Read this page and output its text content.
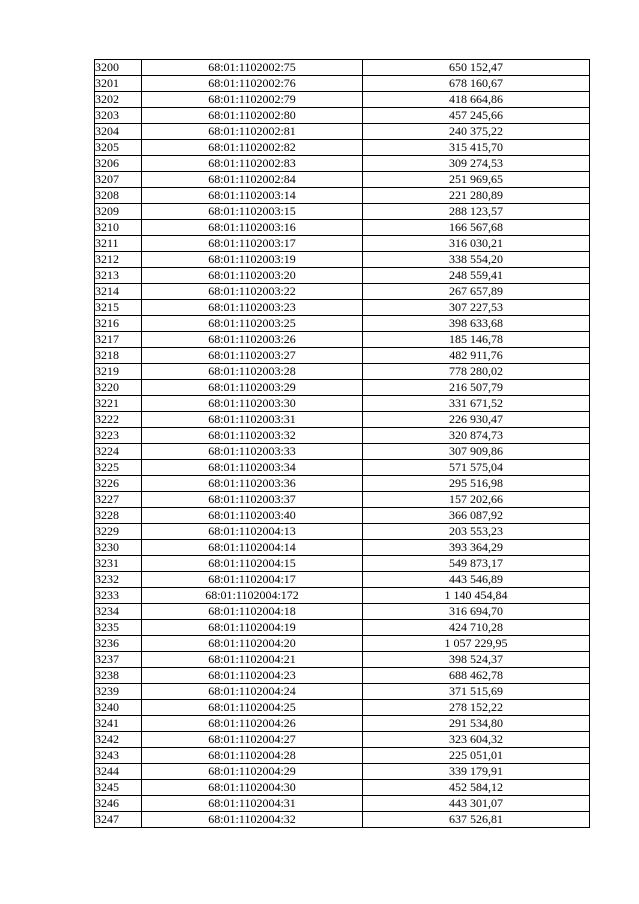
3200	68:01:1102002:75	650 152,47
3201	68:01:1102002:76	678 160,67
3202	68:01:1102002:79	418 664,86
3203	68:01:1102002:80	457 245,66
3204	68:01:1102002:81	240 375,22
3205	68:01:1102002:82	315 415,70
3206	68:01:1102002:83	309 274,53
3207	68:01:1102002:84	251 969,65
3208	68:01:1102003:14	221 280,89
3209	68:01:1102003:15	288 123,57
3210	68:01:1102003:16	166 567,68
3211	68:01:1102003:17	316 030,21
3212	68:01:1102003:19	338 554,20
3213	68:01:1102003:20	248 559,41
3214	68:01:1102003:22	267 657,89
3215	68:01:1102003:23	307 227,53
3216	68:01:1102003:25	398 633,68
3217	68:01:1102003:26	185 146,78
3218	68:01:1102003:27	482 911,76
3219	68:01:1102003:28	778 280,02
3220	68:01:1102003:29	216 507,79
3221	68:01:1102003:30	331 671,52
3222	68:01:1102003:31	226 930,47
3223	68:01:1102003:32	320 874,73
3224	68:01:1102003:33	307 909,86
3225	68:01:1102003:34	571 575,04
3226	68:01:1102003:36	295 516,98
3227	68:01:1102003:37	157 202,66
3228	68:01:1102003:40	366 087,92
3229	68:01:1102004:13	203 553,23
3230	68:01:1102004:14	393 364,29
3231	68:01:1102004:15	549 873,17
3232	68:01:1102004:17	443 546,89
3233	68:01:1102004:172	1 140 454,84
3234	68:01:1102004:18	316 694,70
3235	68:01:1102004:19	424 710,28
3236	68:01:1102004:20	1 057 229,95
3237	68:01:1102004:21	398 524,37
3238	68:01:1102004:23	688 462,78
3239	68:01:1102004:24	371 515,69
3240	68:01:1102004:25	278 152,22
3241	68:01:1102004:26	291 534,80
3242	68:01:1102004:27	323 604,32
3243	68:01:1102004:28	225 051,01
3244	68:01:1102004:29	339 179,91
3245	68:01:1102004:30	452 584,12
3246	68:01:1102004:31	443 301,07
3247	68:01:1102004:32	637 526,81
